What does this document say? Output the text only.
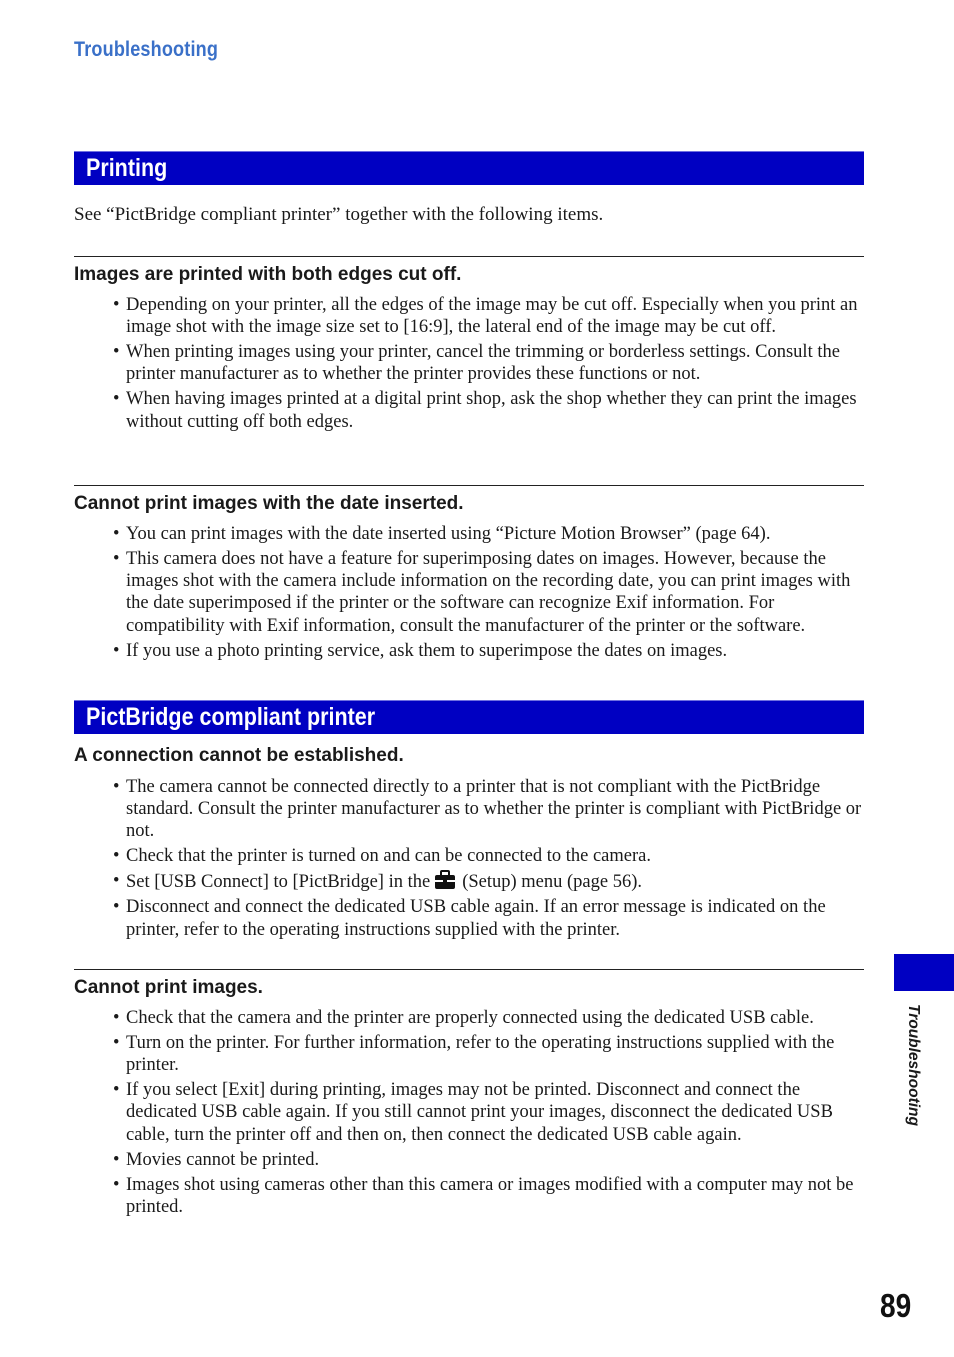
Troubleshooting
Printing
See “PictBridge compliant printer” together with the following items.
Images are printed with both edges cut off.
• Depending on your printer, all the edges of the image may be cut off. Especially when you print an image shot with the image size set to [16:9], the lateral end of the image may be cut off.
• When printing images using your printer, cancel the trimming or borderless settings. Consult the printer manufacturer as to whether the printer provides these functions or not.
• When having images printed at a digital print shop, ask the shop whether they can print the images without cutting off both edges.
Cannot print images with the date inserted.
• You can print images with the date inserted using “Picture Motion Browser” (page 64).
• This camera does not have a feature for superimposing dates on images. However, because the images shot with the camera include information on the recording date, you can print images with the date superimposed if the printer or the software can recognize Exif information. For compatibility with Exif information, consult the manufacturer of the printer or the software.
• If you use a photo printing service, ask them to superimpose the dates on images.
PictBridge compliant printer
A connection cannot be established.
• The camera cannot be connected directly to a printer that is not compliant with the PictBridge standard. Consult the printer manufacturer as to whether the printer is compliant with PictBridge or not.
• Check that the printer is turned on and can be connected to the camera.
• Set [USB Connect] to [PictBridge] in the (Setup) menu (page 56).
• Disconnect and connect the dedicated USB cable again. If an error message is indicated on the printer, refer to the operating instructions supplied with the printer.
Cannot print images.
• Check that the camera and the printer are properly connected using the dedicated USB cable.
• Turn on the printer. For further information, refer to the operating instructions supplied with the printer.
• If you select [Exit] during printing, images may not be printed. Disconnect and connect the dedicated USB cable again. If you still cannot print your images, disconnect the dedicated USB cable, turn the printer off and then on, then connect the dedicated USB cable again.
• Movies cannot be printed.
• Images shot using cameras other than this camera or images modified with a computer may not be printed.
Troubleshooting
89
